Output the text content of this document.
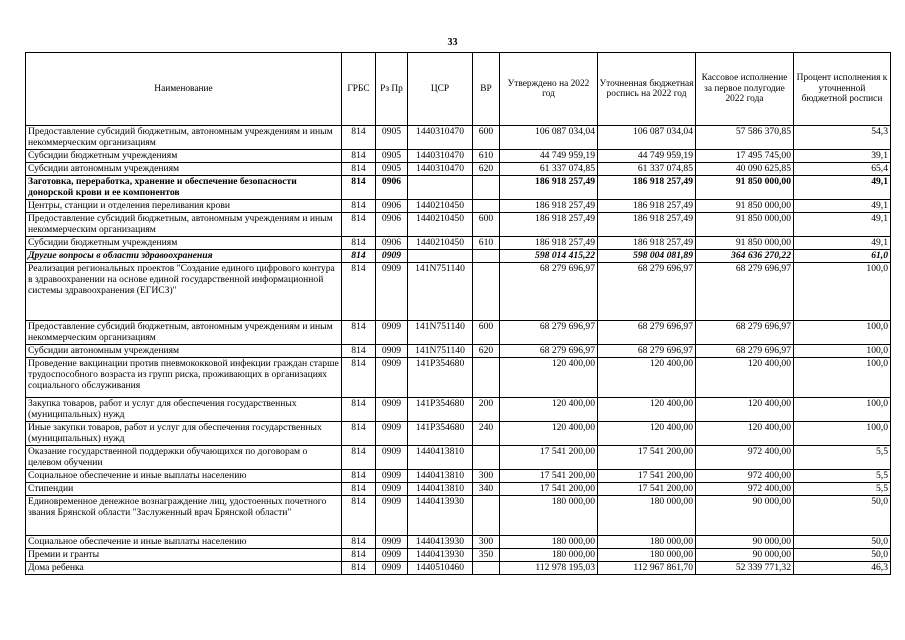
33
Наименование	ГРБС	Рз Пр	ЦСР	ВР	Утверждено на 2022 год	Уточненная бюджетная роспись на 2022 год	Кассовое исполнение за первое полугодие 2022 года	Процент исполнения к уточненной бюджетной росписи
Предоставление субсидий бюджетным, автономным учреждениям и иным некоммерческим организациям	814	0905	1440310470	600	106 087 034,04	106 087 034,04	57 586 370,85	54,3
Субсидии бюджетным учреждениям	814	0905	1440310470	610	44 749 959,19	44 749 959,19	17 495 745,00	39,1
Субсидии автономным учреждениям	814	0905	1440310470	620	61 337 074,85	61 337 074,85	40 090 625,85	65,4
Заготовка, переработка, хранение и обеспечение безопасности донорской крови и ее компонентов	814	0906			186 918 257,49	186 918 257,49	91 850 000,00	49,1
Центры, станции и отделения переливания крови	814	0906	1440210450		186 918 257,49	186 918 257,49	91 850 000,00	49,1
Предоставление субсидий бюджетным, автономным учреждениям и иным некоммерческим организациям	814	0906	1440210450	600	186 918 257,49	186 918 257,49	91 850 000,00	49,1
Субсидии бюджетным учреждениям	814	0906	1440210450	610	186 918 257,49	186 918 257,49	91 850 000,00	49,1
Другие вопросы в области здравоохранения	814	0909			598 014 415,22	598 004 081,89	364 636 270,22	61,0
Реализация региональных проектов "Создание единого цифрового контура в здравоохранении на основе единой государственной информационной системы здравоохранения (ЕГИСЗ)"	814	0909	141N751140		68 279 696,97	68 279 696,97	68 279 696,97	100,0
Предоставление субсидий бюджетным, автономным учреждениям и иным некоммерческим организациям	814	0909	141N751140	600	68 279 696,97	68 279 696,97	68 279 696,97	100,0
Субсидии автономным учреждениям	814	0909	141N751140	620	68 279 696,97	68 279 696,97	68 279 696,97	100,0
Проведение вакцинации против пневмококковой инфекции граждан старше трудоспособного возраста из групп риска, проживающих в организациях социального обслуживания	814	0909	141P354680		120 400,00	120 400,00	120 400,00	100,0
Закупка товаров, работ и услуг для обеспечения государственных (муниципальных) нужд	814	0909	141P354680	200	120 400,00	120 400,00	120 400,00	100,0
Иные закупки товаров, работ и услуг для обеспечения государственных (муниципальных) нужд	814	0909	141P354680	240	120 400,00	120 400,00	120 400,00	100,0
Оказание государственной поддержки обучающихся по договорам о целевом обучении	814	0909	1440413810		17 541 200,00	17 541 200,00	972 400,00	5,5
Социальное обеспечение и иные выплаты населению	814	0909	1440413810	300	17 541 200,00	17 541 200,00	972 400,00	5,5
Стипендии	814	0909	1440413810	340	17 541 200,00	17 541 200,00	972 400,00	5,5
Единовременное денежное вознаграждение лиц, удостоенных почетного звания Брянской области "Заслуженный врач Брянской области"	814	0909	1440413930		180 000,00	180 000,00	90 000,00	50,0
Социальное обеспечение и иные выплаты населению	814	0909	1440413930	300	180 000,00	180 000,00	90 000,00	50,0
Премии и гранты	814	0909	1440413930	350	180 000,00	180 000,00	90 000,00	50,0
Дома ребенка	814	0909	1440510460		112 978 195,03	112 967 861,70	52 339 771,32	46,3
